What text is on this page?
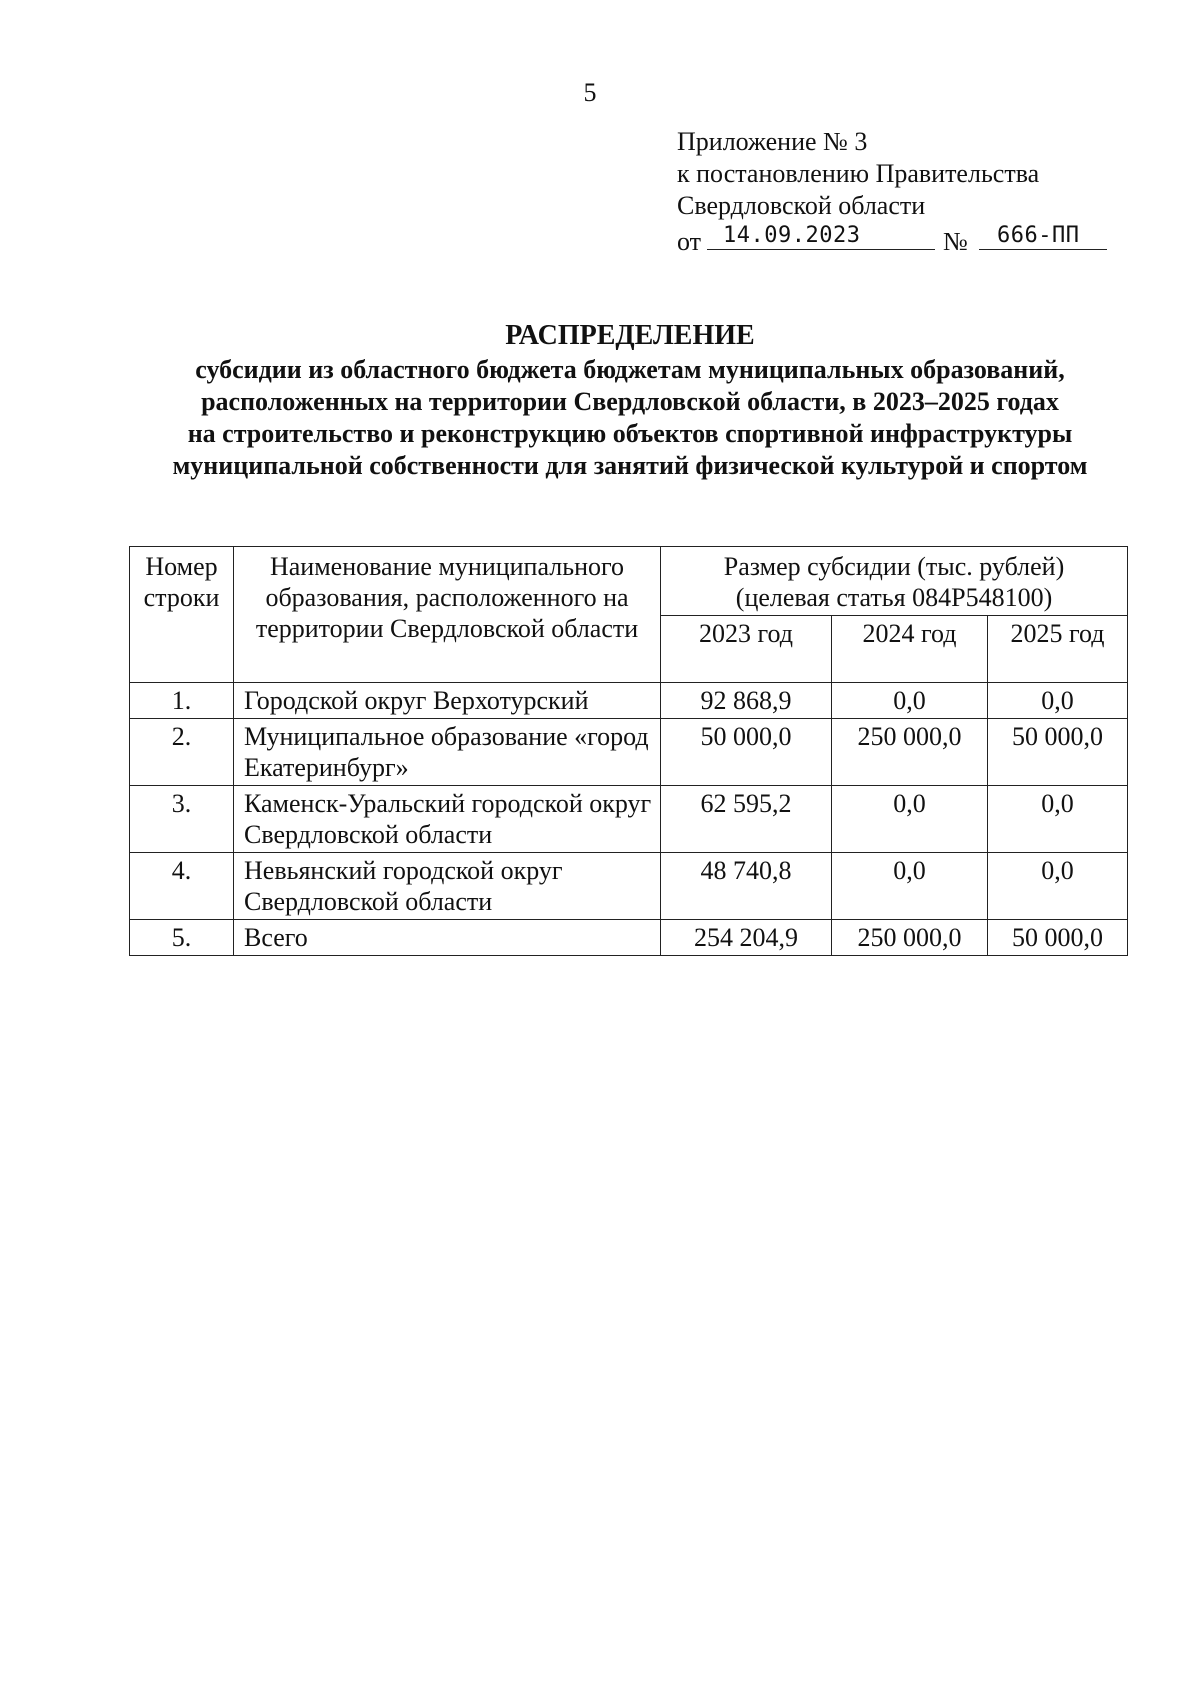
5
Приложение № 3
к постановлению Правительства
Свердловской области
от 14.09.2023	№	666-ПП
РАСПРЕДЕЛЕНИЕ
субсидии из областного бюджета бюджетам муниципальных образований,
расположенных на территории Свердловской области, в 2023–2025 годах
на строительство и реконструкцию объектов спортивной инфраструктуры
муниципальной собственности для занятий физической культурой и спортом
Номер строки	Наименование муниципального образования, расположенного на территории Свердловской области	Размер субсидии (тыс. рублей)
(целевая статья 084P548100)		

		2023 год	2024 год	2025 год
1.	Городской округ Верхотурский	92 868,9	0,0	0,0
2.	Муниципальное образование «город Екатеринбург»	50 000,0	250 000,0	50 000,0
3.	Каменск-Уральский городской округ Свердловской области	62 595,2	0,0	0,0
4.	Невьянский городской округ Свердловской области	48 740,8	0,0	0,0
5.	Всего	254 204,9	250 000,0	50 000,0
